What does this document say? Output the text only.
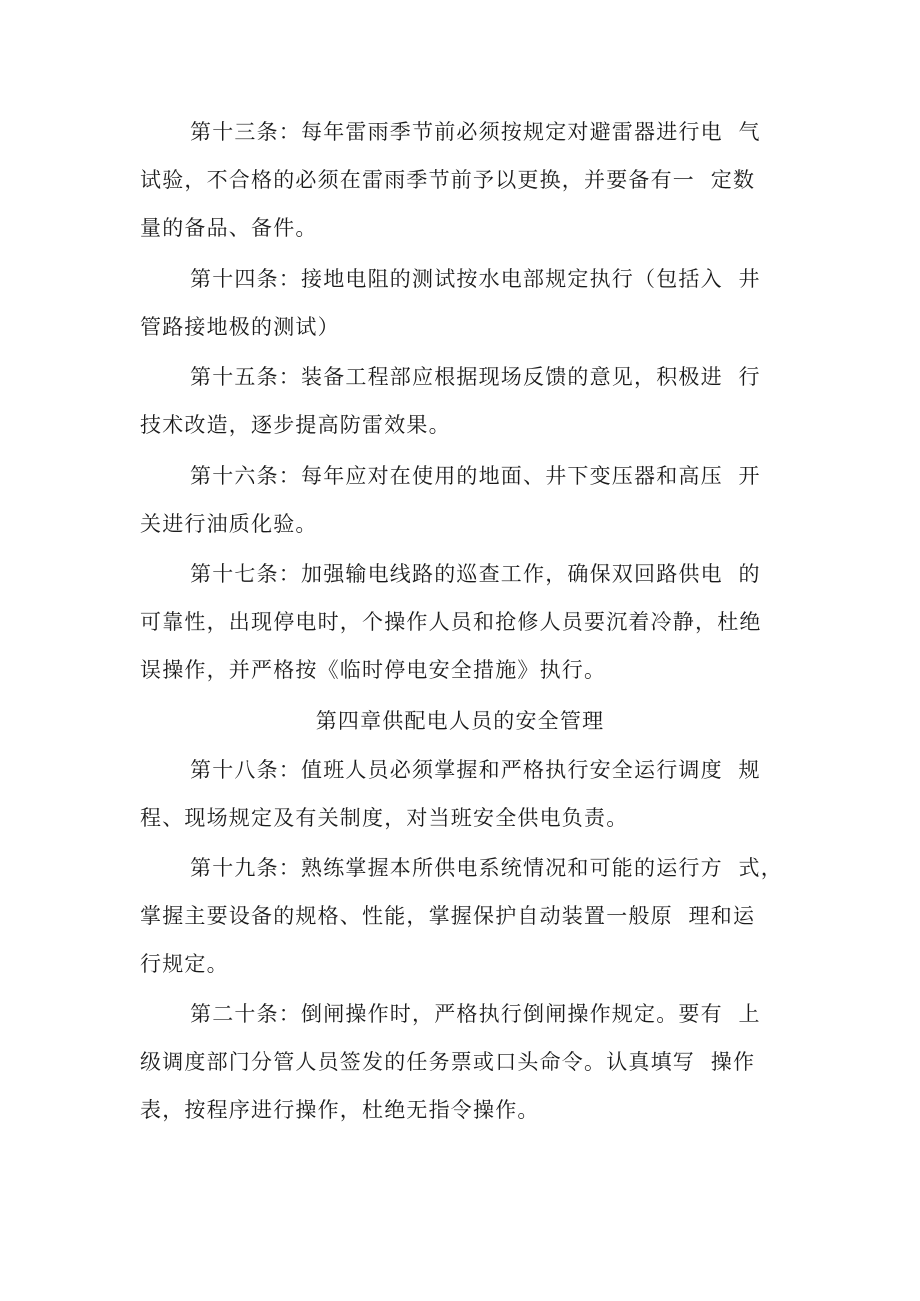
第十三条：每年雷雨季节前必须按规定对避雷器进行电  气
试验，不合格的必须在雷雨季节前予以更换，并要备有一  定数
量的备品、备件。

第十四条：接地电阻的测试按水电部规定执行（包括入  井
管路接地极的测试）

第十五条：装备工程部应根据现场反馈的意见，积极进  行
技术改造，逐步提高防雷效果。

第十六条：每年应对在使用的地面、井下变压器和高压  开
关进行油质化验。

第十七条：加强输电线路的巡查工作，确保双回路供电  的
可靠性，出现停电时，个操作人员和抢修人员要沉着冷静，杜绝
误操作，并严格按《临时停电安全措施》执行。

第四章供配电人员的安全管理

第十八条：值班人员必须掌握和严格执行安全运行调度  规
程、现场规定及有关制度，对当班安全供电负责。

第十九条：熟练掌握本所供电系统情况和可能的运行方  式，
掌握主要设备的规格、性能，掌握保护自动装置一般原  理和运
行规定。

第二十条：倒闸操作时，严格执行倒闸操作规定。要有  上
级调度部门分管人员签发的任务票或口头命令。认真填写  操作
表，按程序进行操作，杜绝无指令操作。
